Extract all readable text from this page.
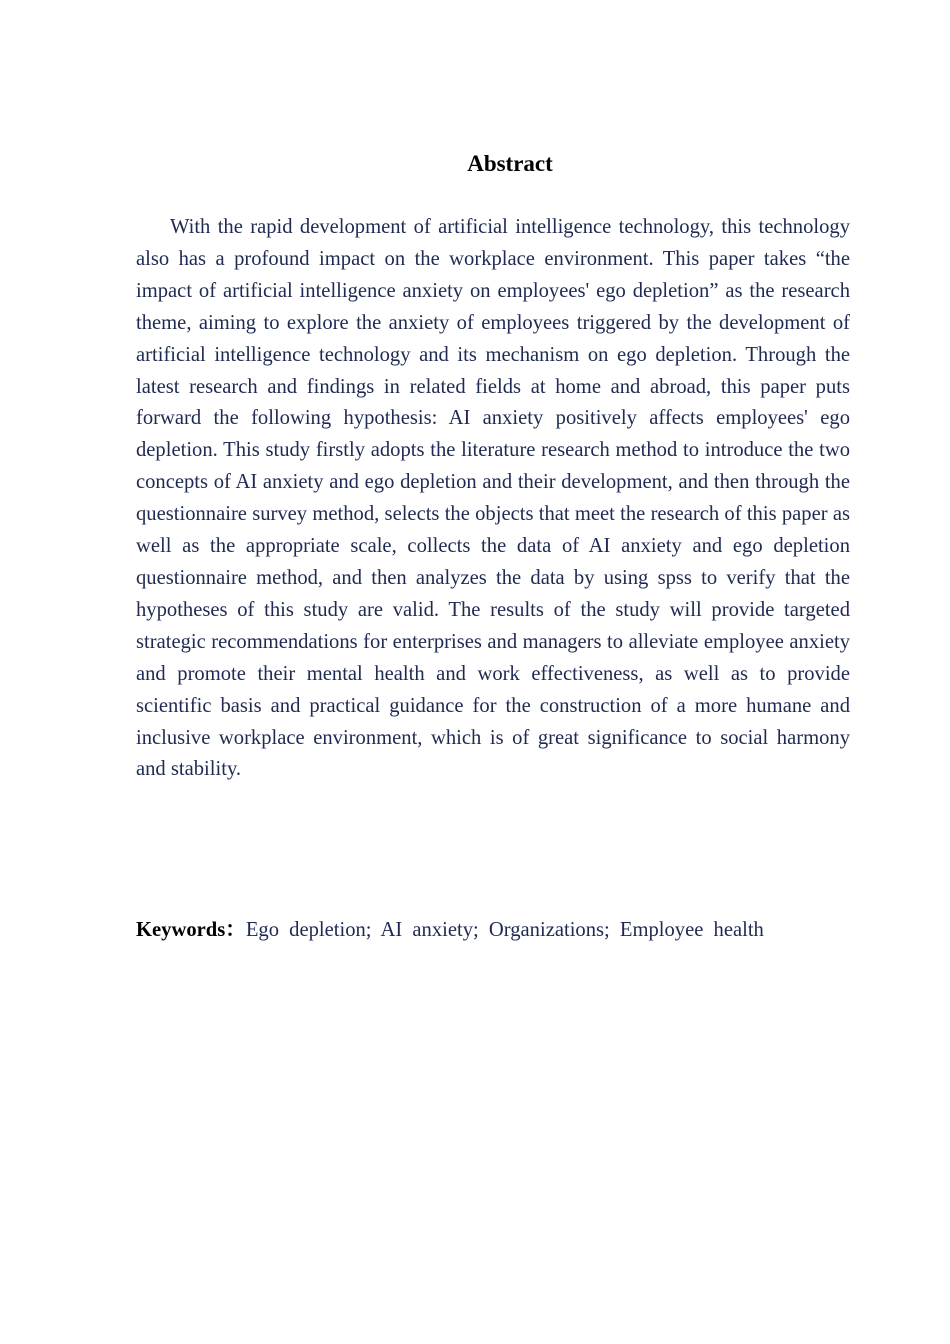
Abstract

With the rapid development of artificial intelligence technology, this technology also has a profound impact on the workplace environment. This paper takes “the impact of artificial intelligence anxiety on employees' ego depletion” as the research theme, aiming to explore the anxiety of employees triggered by the development of artificial intelligence technology and its mechanism on ego depletion. Through the latest research and findings in related fields at home and abroad, this paper puts forward the following hypothesis: AI anxiety positively affects employees' ego depletion. This study firstly adopts the literature research method to introduce the two concepts of AI anxiety and ego depletion and their development, and then through the questionnaire survey method, selects the objects that meet the research of this paper as well as the appropriate scale, collects the data of AI anxiety and ego depletion questionnaire method, and then analyzes the data by using spss to verify that the hypotheses of this study are valid. The results of the study will provide targeted strategic recommendations for enterprises and managers to alleviate employee anxiety and promote their mental health and work effectiveness, as well as to provide scientific basis and practical guidance for the construction of a more humane and inclusive workplace environment, which is of great significance to social harmony and stability.

Keywords：Ego depletion; AI anxiety; Organizations; Employee health
